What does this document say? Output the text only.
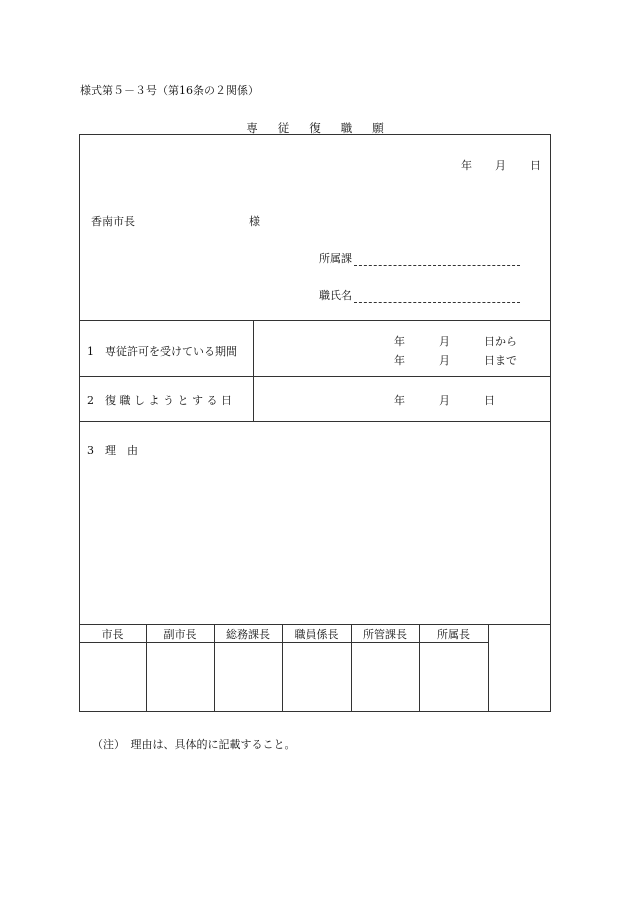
様式第５－３号（第16条の２関係）
専従復職願
年 月 日
香南市長	様
所属課
職氏名
1　専従許可を受けている期間
年	月	日から
年	月	日まで
2　復 職 し よ う と す る 日	年	月	日
3　理　由
市長	副市長	総務課長	職員係長	所管課長	所属長
（注）　理由は、具体的に記載すること。
